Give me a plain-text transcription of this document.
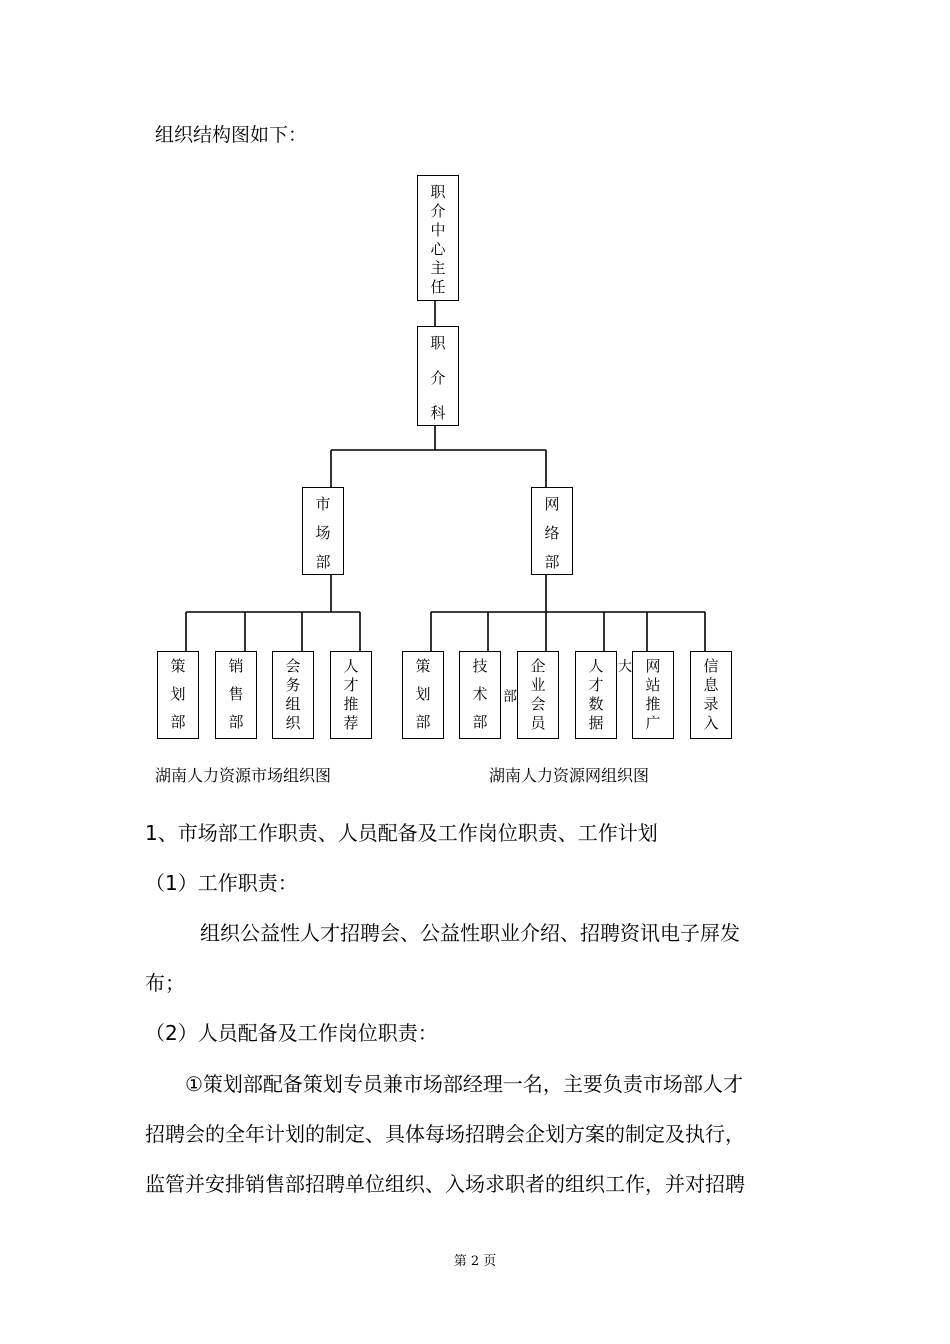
组织结构图如下：
职
介
中
心
主
任
职
介
科
市
场
部
网
络
部
策
划
部
销
售
部
会
务
组
织
人
才
推
荐
策
划
部
技
术
部
企
业
会
员
人
才
数
据
网
站
推
广
信
息
录
入
部
大
湖南人力资源市场组织图	湖南人力资源网组织图
1、市场部工作职责、人员配备及工作岗位职责、工作计划
（1）工作职责：
组织公益性人才招聘会、公益性职业介绍、招聘资讯电子屏发
布；
（2）人员配备及工作岗位职责：
①策划部配备策划专员兼市场部经理一名，主要负责市场部人才
招聘会的全年计划的制定、具体每场招聘会企划方案的制定及执行，
监管并安排销售部招聘单位组织、入场求职者的组织工作，并对招聘
第 2 页
